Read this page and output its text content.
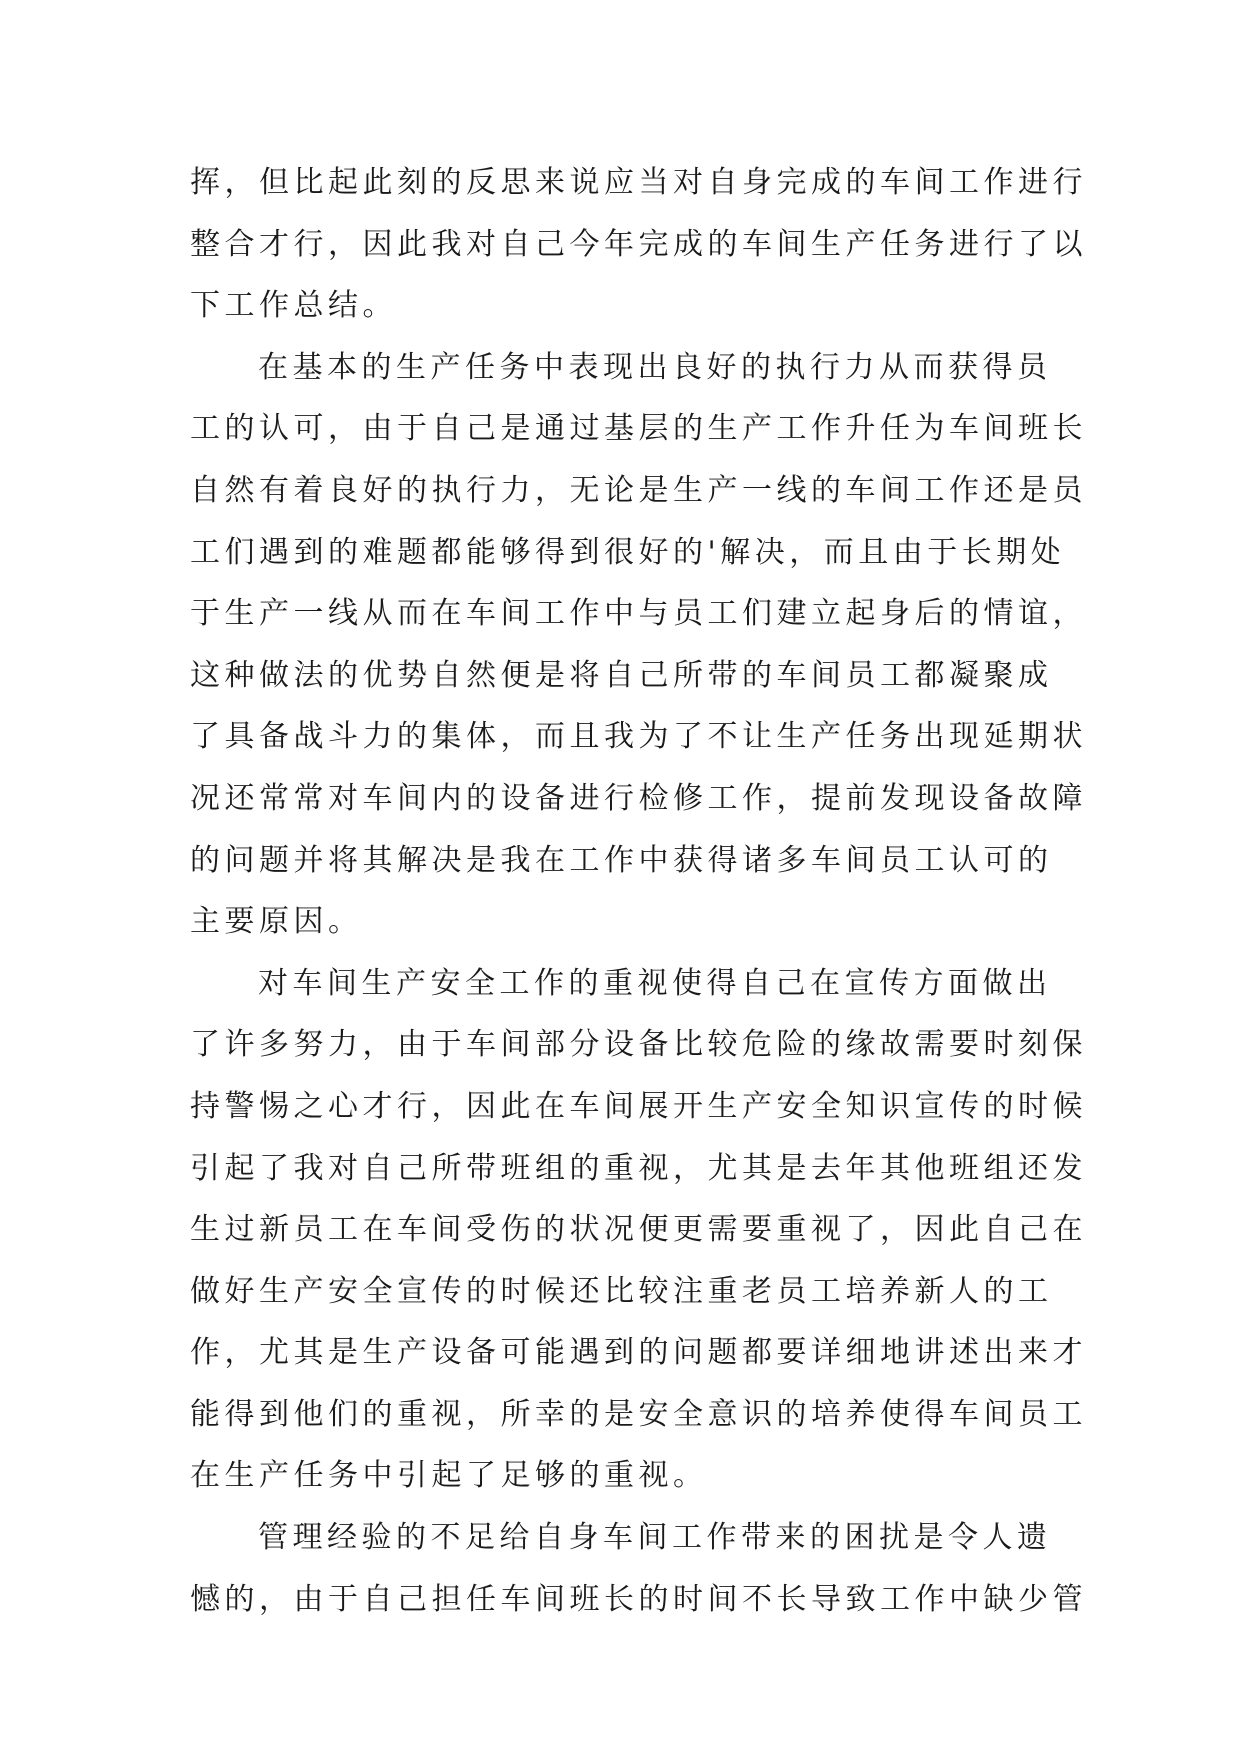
挥，但比起此刻的反思来说应当对自身完成的车间工作进行
整合才行，因此我对自己今年完成的车间生产任务进行了以
下工作总结。
在基本的生产任务中表现出良好的执行力从而获得员
工的认可，由于自己是通过基层的生产工作升任为车间班长
自然有着良好的执行力，无论是生产一线的车间工作还是员
工们遇到的难题都能够得到很好的'解决，而且由于长期处
于生产一线从而在车间工作中与员工们建立起身后的情谊，
这种做法的优势自然便是将自己所带的车间员工都凝聚成
了具备战斗力的集体，而且我为了不让生产任务出现延期状
况还常常对车间内的设备进行检修工作，提前发现设备故障
的问题并将其解决是我在工作中获得诸多车间员工认可的
主要原因。
对车间生产安全工作的重视使得自己在宣传方面做出
了许多努力，由于车间部分设备比较危险的缘故需要时刻保
持警惕之心才行，因此在车间展开生产安全知识宣传的时候
引起了我对自己所带班组的重视，尤其是去年其他班组还发
生过新员工在车间受伤的状况便更需要重视了，因此自己在
做好生产安全宣传的时候还比较注重老员工培养新人的工
作，尤其是生产设备可能遇到的问题都要详细地讲述出来才
能得到他们的重视，所幸的是安全意识的培养使得车间员工
在生产任务中引起了足够的重视。
管理经验的不足给自身车间工作带来的困扰是令人遗
憾的，由于自己担任车间班长的时间不长导致工作中缺少管
